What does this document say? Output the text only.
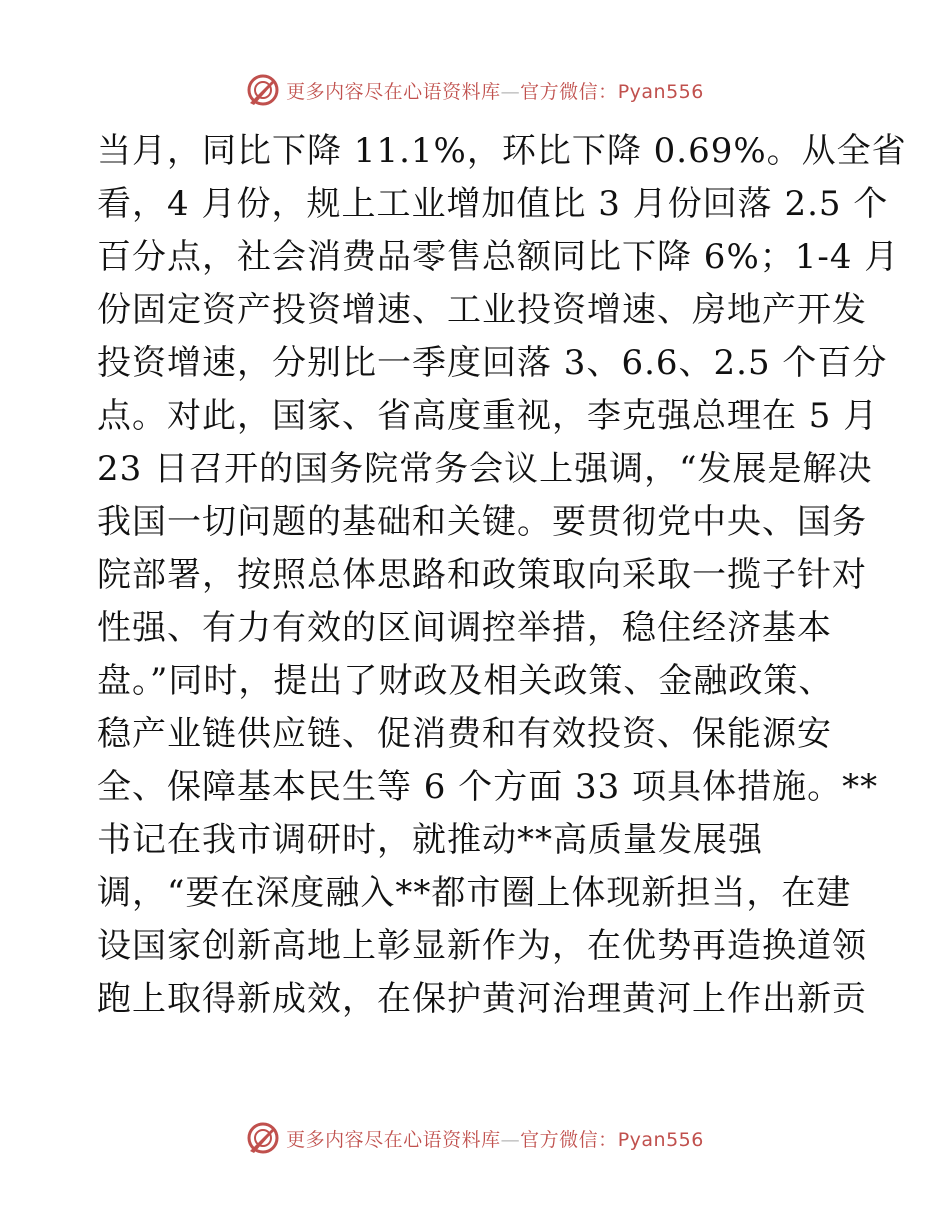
更多内容尽在心语资料库—官方微信：Pyan556
当月，同比下降 11.1%，环比下降 0.69%。从全省
看，4 月份，规上工业增加值比 3 月份回落 2.5 个
百分点，社会消费品零售总额同比下降 6%；1-4 月
份固定资产投资增速、工业投资增速、房地产开发
投资增速，分别比一季度回落 3、6.6、2.5 个百分
点。对此，国家、省高度重视，李克强总理在 5 月
23 日召开的国务院常务会议上强调，“发展是解决
我国一切问题的基础和关键。要贯彻党中央、国务
院部署，按照总体思路和政策取向采取一揽子针对
性强、有力有效的区间调控举措，稳住经济基本
盘。”同时，提出了财政及相关政策、金融政策、
稳产业链供应链、促消费和有效投资、保能源安
全、保障基本民生等 6 个方面 33 项具体措施。**
书记在我市调研时，就推动**高质量发展强
调，“要在深度融入**都市圈上体现新担当，在建
设国家创新高地上彰显新作为，在优势再造换道领
跑上取得新成效，在保护黄河治理黄河上作出新贡
更多内容尽在心语资料库—官方微信：Pyan556
